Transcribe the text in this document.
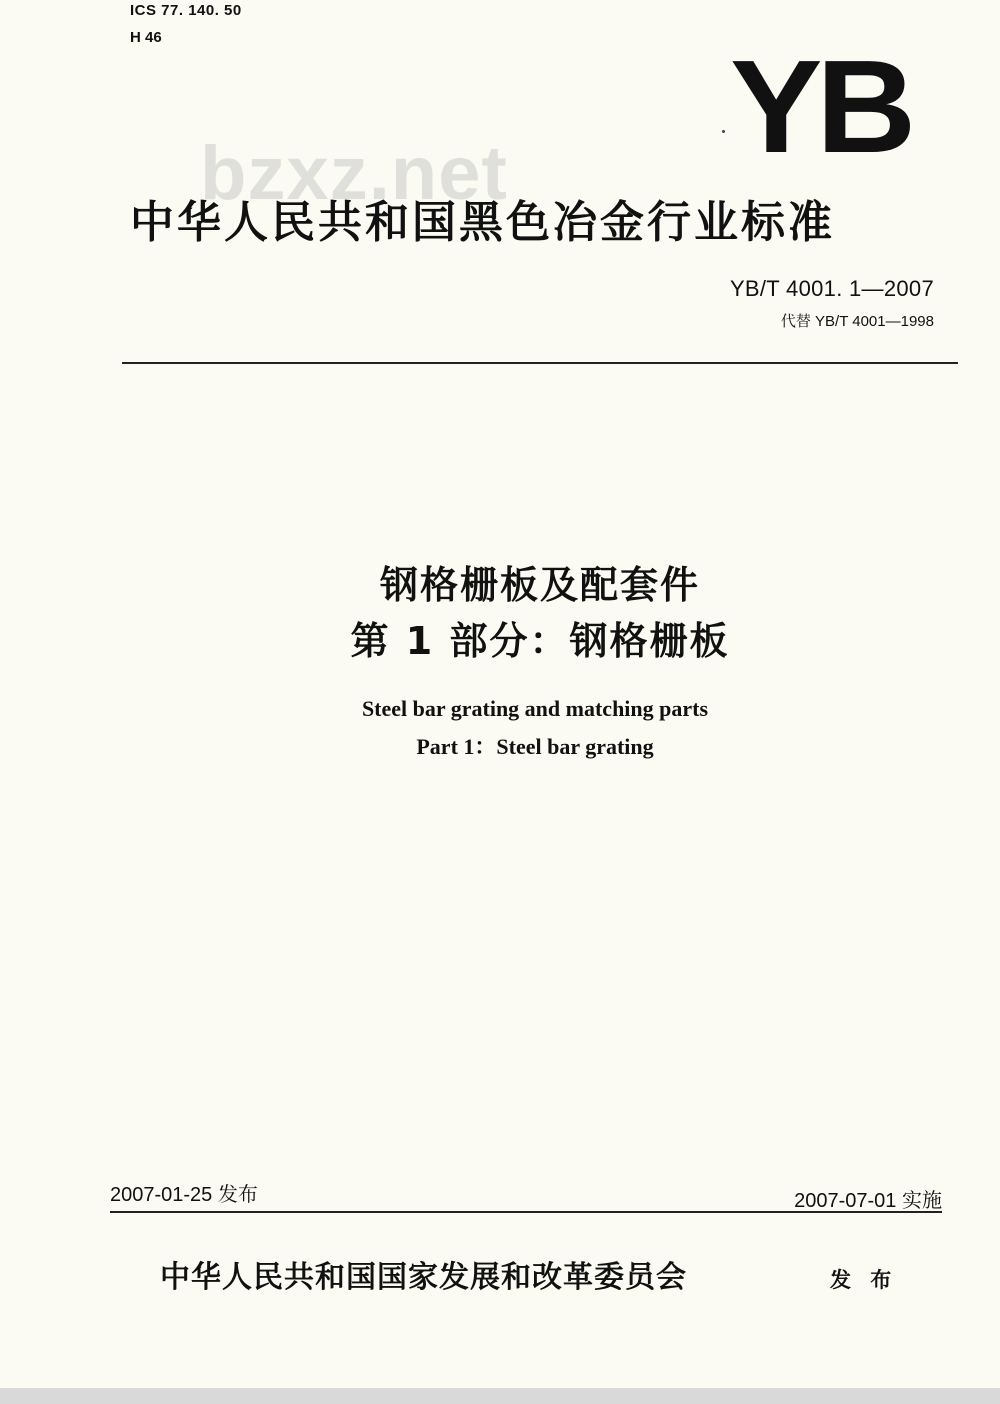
ICS 77. 140. 50
H 46	YB
bzxz.net
中华人民共和国黑色冶金行业标准
YB/T 4001. 1—2007
代替 YB/T 4001—1998
钢格栅板及配套件
第 1 部分：钢格栅板
Steel bar grating and matching parts
Part 1：Steel bar grating
2007-01-25 发布	2007-07-01 实施
中华人民共和国国家发展和改革委员会	发 布
